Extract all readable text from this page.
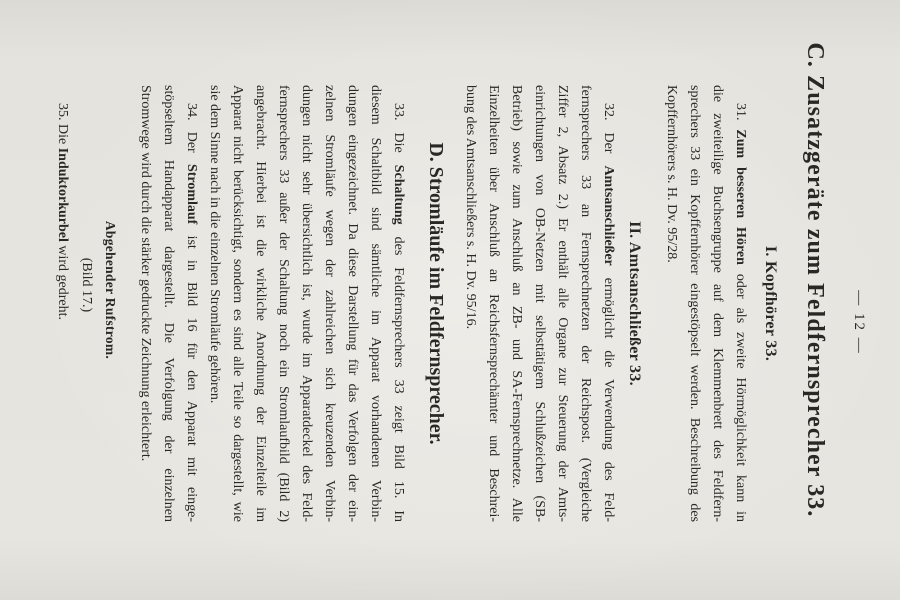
— 12 —
C. Zusatzgeräte zum Feldfernsprecher 33.
I. Kopfhörer 33.
31. Zum besseren Hören oder als zweite Hörmöglichkeit kann in
die zweiteilige Buchsengruppe auf dem Klemmenbrett des Feldfern-
sprechers 33 ein Kopffernhörer eingestöpselt werden. Beschreibung des
Kopffernhörers s. H. Dv. 95/28.
II. Amtsanschließer 33.
32. Der Amtsanschließer ermöglicht die Verwendung des Feld-
fernsprechers 33 an Fernsprechnetzen der Reichspost. (Vergleiche
Ziffer 2, Absatz 2.) Er enthält alle Organe zur Steuerung der Amts-
einrichtungen von OB-Netzen mit selbsttätigem Schlußzeichen (SB-
Betrieb) sowie zum Anschluß an ZB- und SA-Fernsprechnetze. Alle
Einzelheiten über Anschluß an Reichsfernsprechämter und Beschrei-
bung des Amtsanschließers s. H. Dv. 95/16.
D. Stromläufe im Feldfernsprecher.
33. Die Schaltung des Feldfernsprechers 33 zeigt Bild 15. In
diesem Schaltbild sind sämtliche im Apparat vorhandenen Verbin-
dungen eingezeichnet. Da diese Darstellung für das Verfolgen der ein-
zelnen Stromläufe wegen der zahlreichen sich kreuzenden Verbin-
dungen nicht sehr übersichtlich ist, wurde im Apparatdeckel des Feld-
fernsprechers 33 außer der Schaltung noch ein Stromlaufbild (Bild 2)
angebracht. Hierbei ist die wirkliche Anordnung der Einzelteile im
Apparat nicht berücksichtigt, sondern es sind alle Teile so dargestellt, wie
sie dem Sinne nach in die einzelnen Stromläufe gehören.
34. Der Stromlauf ist in Bild 16 für den Apparat mit einge-
stöpseltem Handapparat dargestellt. Die Verfolgung der einzelnen
Stromwege wird durch die stärker gedruckte Zeichnung erleichtert.
Abgehender Rufstrom.
(Bild 17.)
35. Die Induktorkurbel wird gedreht.
